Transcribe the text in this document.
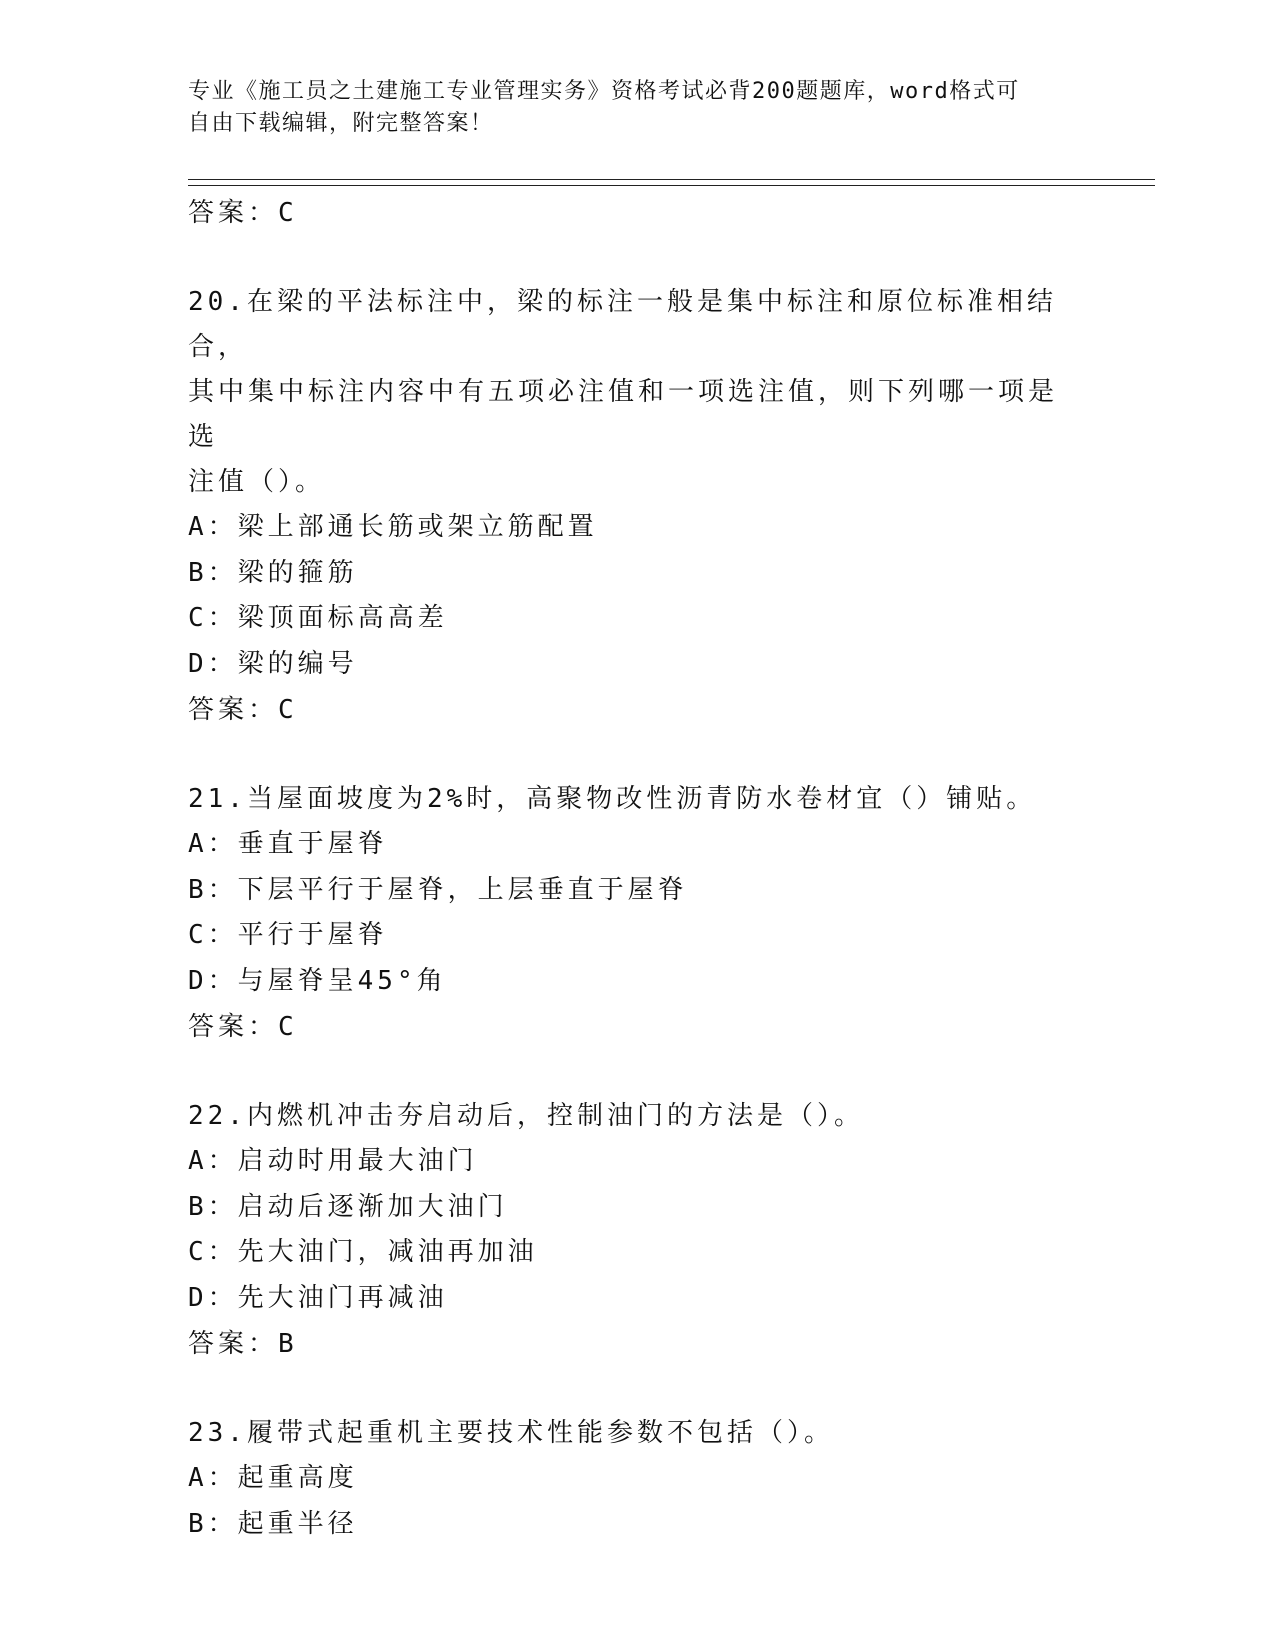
专业《施工员之土建施工专业管理实务》资格考试必背200题题库，word格式可
自由下载编辑，附完整答案！
答案：C
20.在梁的平法标注中，梁的标注一般是集中标注和原位标准相结合，
其中集中标注内容中有五项必注值和一项选注值，则下列哪一项是选
注值（）。
A：梁上部通长筋或架立筋配置
B：梁的箍筋
C：梁顶面标高高差
D：梁的编号
答案：C
21.当屋面坡度为2%时，高聚物改性沥青防水卷材宜（）铺贴。
A：垂直于屋脊
B：下层平行于屋脊，上层垂直于屋脊
C：平行于屋脊
D：与屋脊呈45°角
答案：C
22.内燃机冲击夯启动后，控制油门的方法是（）。
A：启动时用最大油门
B：启动后逐渐加大油门
C：先大油门，减油再加油
D：先大油门再减油
答案：B
23.履带式起重机主要技术性能参数不包括（）。
A：起重高度
B：起重半径
